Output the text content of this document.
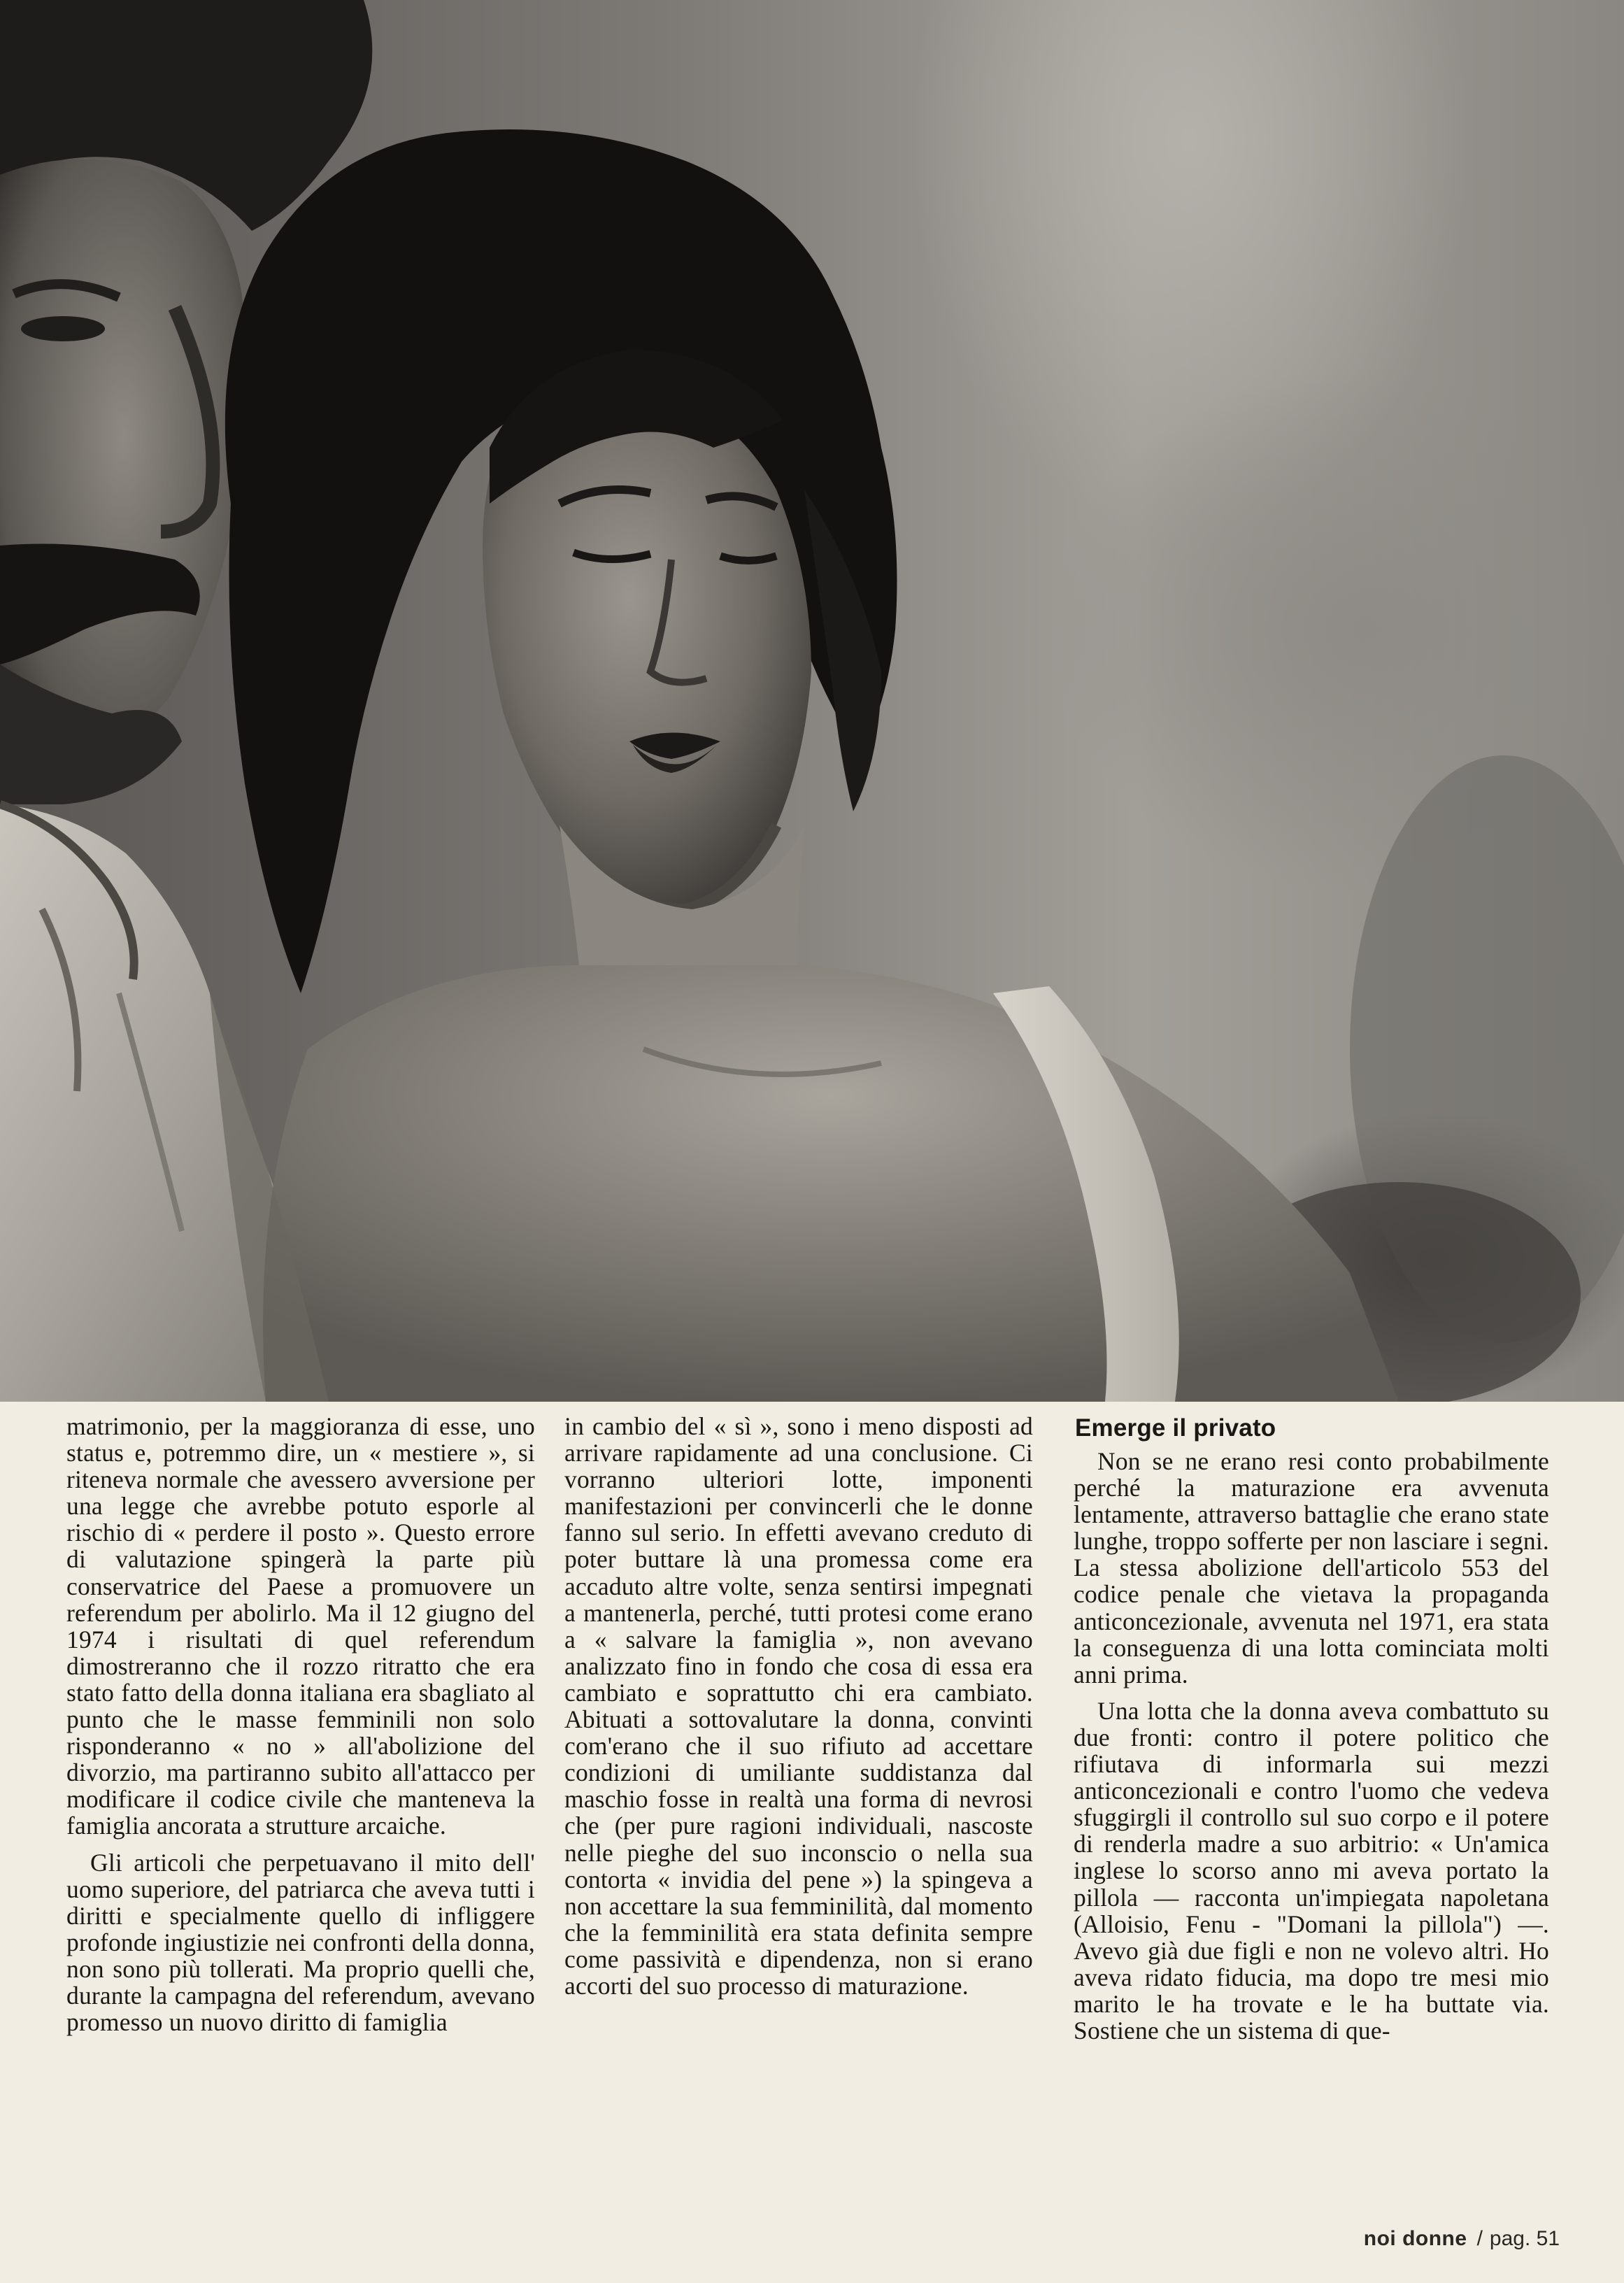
matrimonio, per la maggioranza di esse, uno status e, potremmo dire, un « mestiere », si riteneva normale che avessero avversione per una legge che avrebbe potuto esporle al rischio di « perdere il posto ». Questo errore di valutazione spingerà la parte più conservatrice del Paese a promuovere un referendum per abolirlo. Ma il 12 giugno del 1974 i risultati di quel referendum dimostreranno che il rozzo ritratto che era stato fatto della donna italiana era sbagliato al punto che le masse femminili non solo risponderanno « no » all'abolizione del divorzio, ma partiranno subito all'attacco per modificare il codice civile che manteneva la famiglia ancorata a strutture arcaiche.

Gli articoli che perpetuavano il mito dell' uomo superiore, del patriarca che aveva tutti i diritti e specialmente quello di infliggere profonde ingiustizie nei confronti della donna, non sono più tollerati. Ma proprio quelli che, durante la campagna del referendum, avevano promesso un nuovo diritto di famiglia

in cambio del « sì », sono i meno disposti ad arrivare rapidamente ad una conclusione. Ci vorranno ulteriori lotte, imponenti manifestazioni per convincerli che le donne fanno sul serio. In effetti avevano creduto di poter buttare là una promessa come era accaduto altre volte, senza sentirsi impegnati a mantenerla, perché, tutti protesi come erano a « salvare la famiglia », non avevano analizzato fino in fondo che cosa di essa era cambiato e soprattutto chi era cambiato. Abituati a sottovalutare la donna, convinti com'erano che il suo rifiuto ad accettare condizioni di umiliante suddistanza dal maschio fosse in realtà una forma di nevrosi che (per pure ragioni individuali, nascoste nelle pieghe del suo inconscio o nella sua contorta « invidia del pene ») la spingeva a non accettare la sua femminilità, dal momento che la femminilità era stata definita sempre come passività e dipendenza, non si erano accorti del suo processo di maturazione.

Emerge il privato

Non se ne erano resi conto probabilmente perché la maturazione era avvenuta lentamente, attraverso battaglie che erano state lunghe, troppo sofferte per non lasciare i segni. La stessa abolizione dell'articolo 553 del codice penale che vietava la propaganda anticoncezionale, avvenuta nel 1971, era stata la conseguenza di una lotta cominciata molti anni prima.

Una lotta che la donna aveva combattuto su due fronti: contro il potere politico che rifiutava di informarla sui mezzi anticoncezionali e contro l'uomo che vedeva sfuggirgli il controllo sul suo corpo e il potere di renderla madre a suo arbitrio: « Un'amica inglese lo scorso anno mi aveva portato la pillola — racconta un'impiegata napoletana (Alloisio, Fenu - "Domani la pillola") —. Avevo già due figli e non ne volevo altri. Ho aveva ridato fiducia, ma dopo tre mesi mio marito le ha trovate e le ha buttate via. Sostiene che un sistema di que-

noi donne / pag. 51
